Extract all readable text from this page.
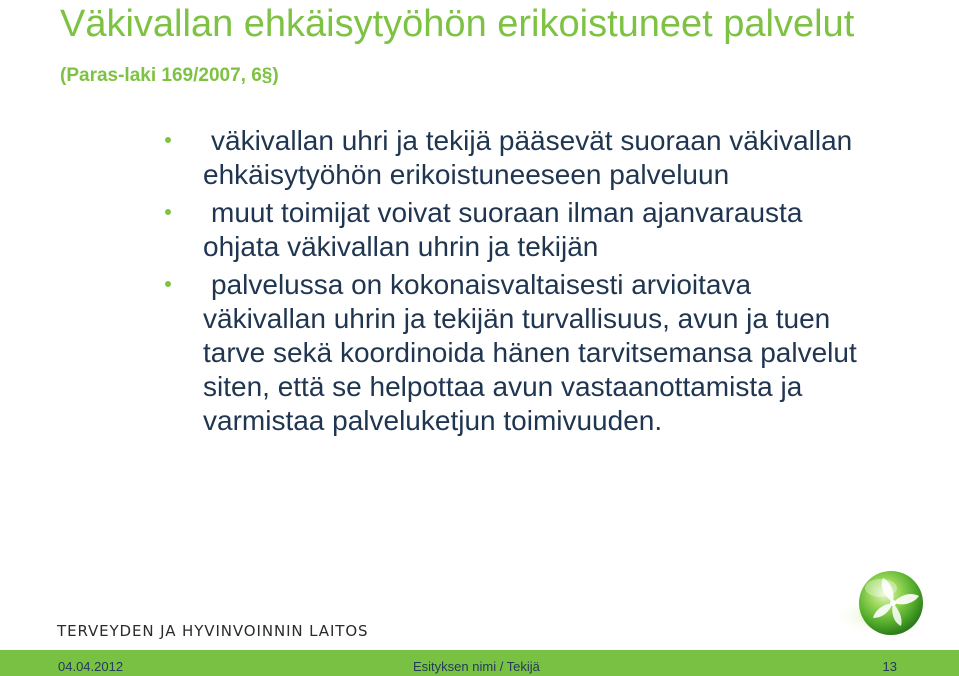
Väkivallan ehkäisytyöhön erikoistuneet palvelut (Paras-laki 169/2007, 6§)
väkivallan uhri ja tekijä pääsevät suoraan väkivallan ehkäisytyöhön erikoistuneeseen palveluun
muut toimijat voivat suoraan ilman ajanvarausta ohjata väkivallan uhrin ja tekijän
palvelussa on kokonaisvaltaisesti arvioitava väkivallan uhrin ja tekijän turvallisuus, avun ja tuen tarve sekä koordinoida hänen tarvitsemansa palvelut siten, että se helpottaa avun vastaanottamista ja varmistaa palveluketjun toimivuuden.

TERVEYDEN JA HYVINVOINNIN LAITOS

04.04.2012	Esityksen nimi / Tekijä	13
